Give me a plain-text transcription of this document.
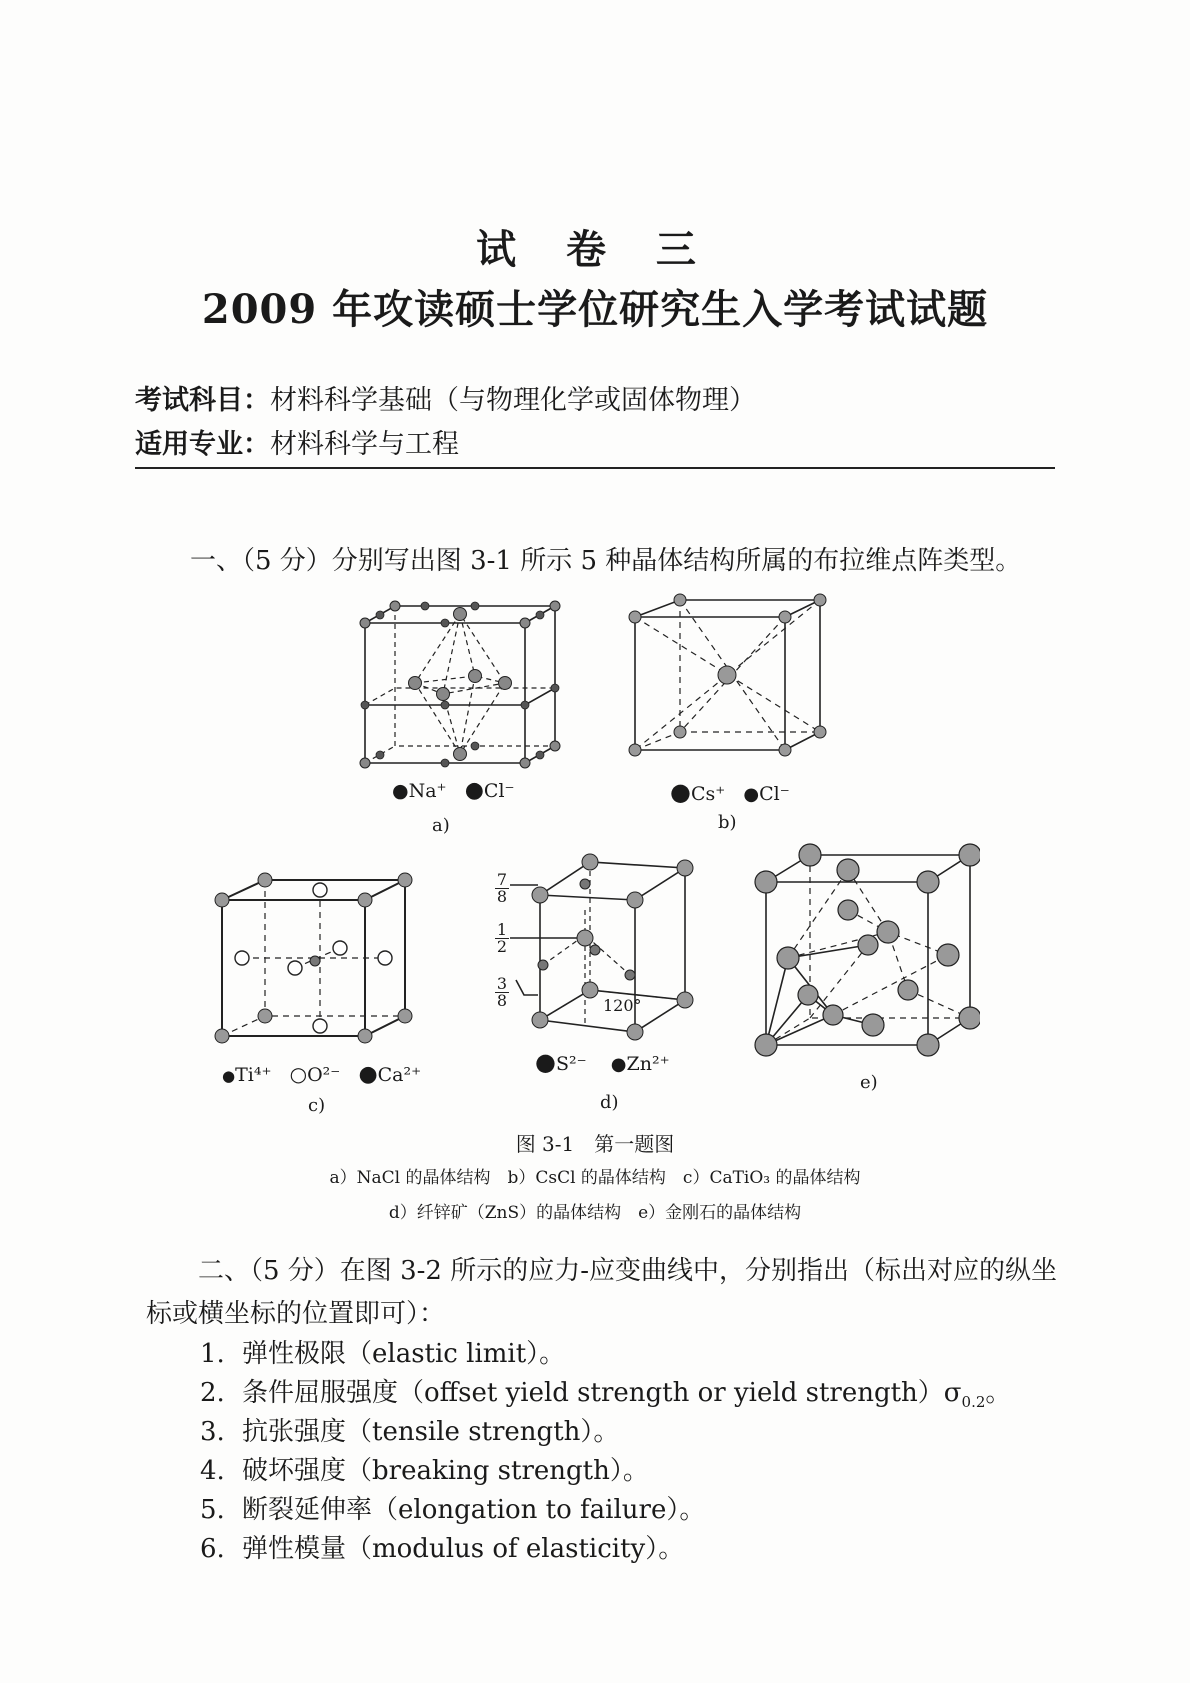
试 卷 三
2009 年攻读硕士学位研究生入学考试试题
考试科目：材料科学基础（与物理化学或固体物理）
适用专业：材料科学与工程
一、（5 分）分别写出图 3-1 所示 5 种晶体结构所属的布拉维点阵类型。
●Na⁺ ●Cl⁻
a)
●Cs⁺ ●Cl⁻
b)
●Ti⁴⁺ ○O²⁻ ●Ca²⁺
c)
$\frac{7}{8}$
$\frac{1}{2}$
$\frac{3}{8}$	120°
●S²⁻ ●Zn²⁺
d)
e)
图 3-1　第一题图
a）NaCl 的晶体结构　b）CsCl 的晶体结构　c）CaTiO₃ 的晶体结构
d）纤锌矿（ZnS）的晶体结构　e）金刚石的晶体结构
二、（5 分）在图 3-2 所示的应力-应变曲线中，分别指出（标出对应的纵坐
标或横坐标的位置即可）：
1. 弹性极限（elastic limit）。
2. 条件屈服强度（offset yield strength or yield $strength)\sigma_{0.2}$。
3. 抗张强度（tensile strength）。
4. 破坏强度（breaking strength）。
5. 断裂延伸率（elongation to failure）。
6. 弹性模量（modulus of elasticity）。
